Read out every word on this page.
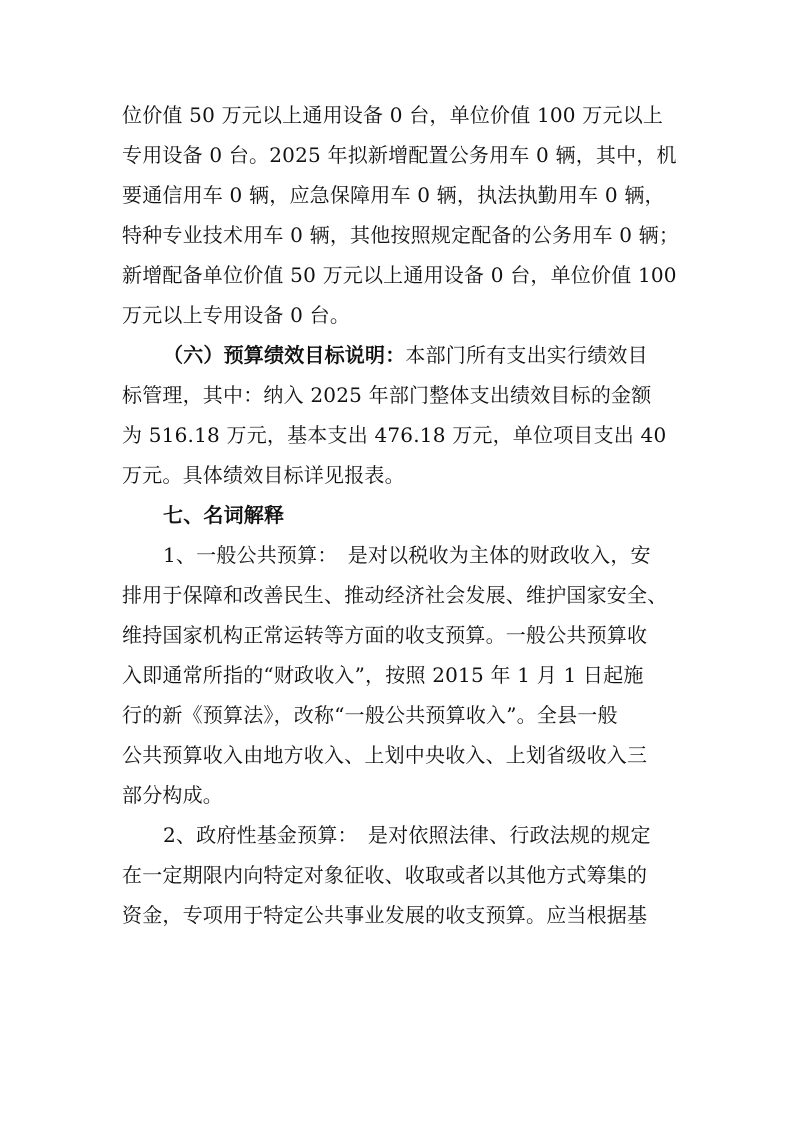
位价值 50 万元以上通用设备 0 台，单位价值 100 万元以上
专用设备 0 台。2025 年拟新增配置公务用车 0 辆，其中，机
要通信用车 0 辆，应急保障用车 0 辆，执法执勤用车 0 辆，
特种专业技术用车 0 辆，其他按照规定配备的公务用车 0 辆；
新增配备单位价值 50 万元以上通用设备 0 台，单位价值 100
万元以上专用设备 0 台。
（六）预算绩效目标说明：本部门所有支出实行绩效目
标管理，其中：纳入 2025 年部门整体支出绩效目标的金额
为 516.18 万元，基本支出 476.18 万元，单位项目支出 40
万元。具体绩效目标详见报表。
七、名词解释
1、一般公共预算：　是对以税收为主体的财政收入，安
排用于保障和改善民生、推动经济社会发展、维护国家安全、
维持国家机构正常运转等方面的收支预算。一般公共预算收
入即通常所指的“财政收入”，按照 2015 年 1 月 1 日起施
行的新《预算法》，改称“一般公共预算收入”。全县一般
公共预算收入由地方收入、上划中央收入、上划省级收入三
部分构成。
2、政府性基金预算：　是对依照法律、行政法规的规定
在一定期限内向特定对象征收、收取或者以其他方式筹集的
资金，专项用于特定公共事业发展的收支预算。应当根据基
